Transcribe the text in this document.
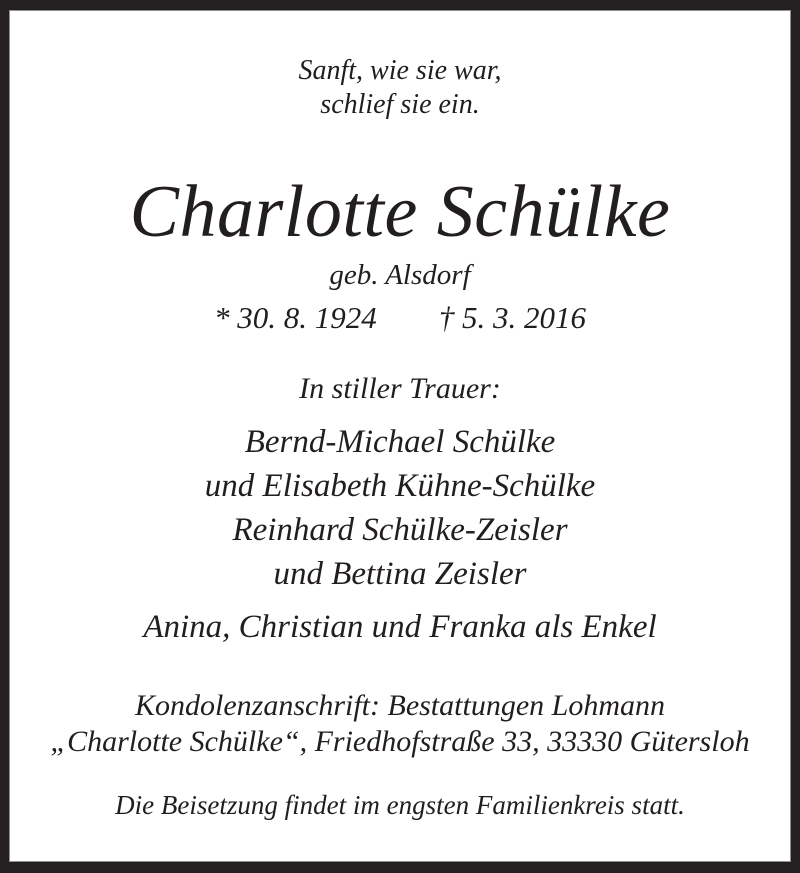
Sanft, wie sie war,
schlief sie ein.
Charlotte Schülke
geb. Alsdorf
* 30. 8. 1924 † 5. 3. 2016
In stiller Trauer:
Bernd-Michael Schülke
und Elisabeth Kühne-Schülke
Reinhard Schülke-Zeisler
und Bettina Zeisler
Anina, Christian und Franka als Enkel
Kondolenzanschrift: Bestattungen Lohmann
„Charlotte Schülke“, Friedhofstraße 33, 33330 Gütersloh
Die Beisetzung findet im engsten Familienkreis statt.
